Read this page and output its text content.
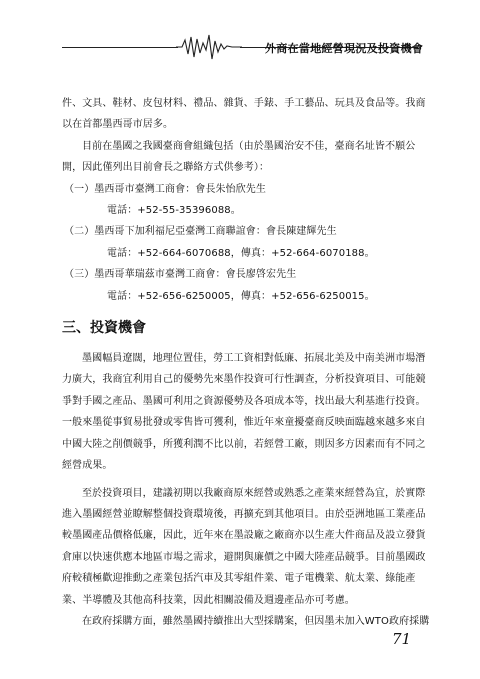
外商在當地經營現況及投資機會
件、文具、鞋材、皮包材料、禮品、雜貨、手錶、手工藝品、玩具及食品等。我商
以在首都墨西哥市居多。
目前在墨國之我國臺商會組織包括（由於墨國治安不佳，臺商名址皆不願公
開，因此僅列出目前會長之聯絡方式供參考）：
（一）墨西哥市臺灣工商會：會長朱怡欣先生
電話：+52-55-35396088。
（二）墨西哥下加利福尼亞臺灣工商聯誼會：會長陳建輝先生
電話：+52-664-6070688，傳真：+52-664-6070188。
（三）墨西哥華瑞茲市臺灣工商會：會長廖啓宏先生
電話：+52-656-6250005，傳真：+52-656-6250015。
三、投資機會
墨國幅員遼闊，地理位置佳，勞工工資相對低廉、拓展北美及中南美洲市場潛
力廣大，我商宜利用自己的優勢先來墨作投資可行性調查，分析投資項目、可能競
爭對手國之產品、墨國可利用之資源優勢及各項成本等，找出最大利基進行投資。
一般來墨從事貿易批發或零售皆可獲利，惟近年來童擾臺商反映面臨越來越多來自
中國大陸之削價競爭，所獲利潤不比以前，若經營工廠，則因多方因素而有不同之
經營成果。
至於投資項目，建議初期以我廠商原來經營或熟悉之產業來經營為宜，於實際
進入墨國經營並瞭解整個投資環境後，再擴充到其他項目。由於亞洲地區工業產品
較墨國產品價格低廉，因此，近年來在墨設廠之廠商亦以生產大件商品及設立發貨
倉庫以快速供應本地區市場之需求，避開與廉價之中國大陸產品競爭。目前墨國政
府較積極歡迎推動之產業包括汽車及其零組件業、電子電機業、航太業、綠能產
業、半導體及其他高科技業，因此相關設備及週邊產品亦可考慮。
在政府採購方面，雖然墨國持續推出大型採購案，但因墨未加入WTO政府採購
71
